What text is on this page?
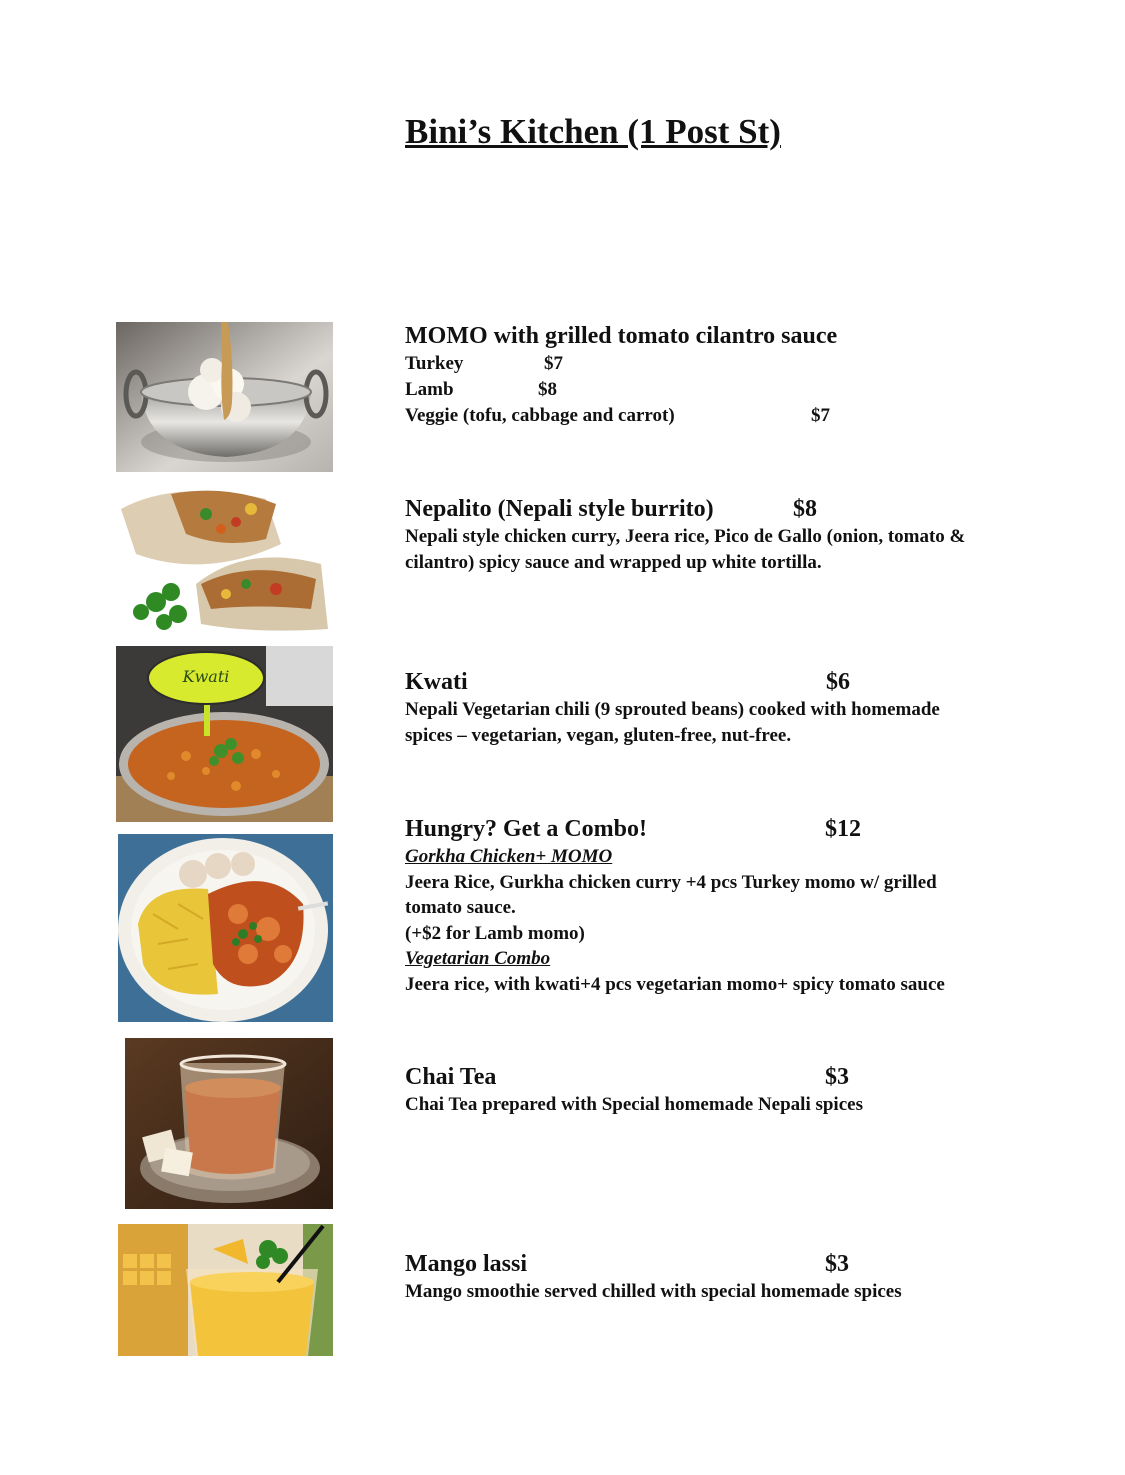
Bini’s Kitchen (1 Post St)
Kwati
MOMO with grilled tomato cilantro sauce
Turkey	$7
Lamb	$8
Veggie (tofu, cabbage and carrot)	$7
Nepalito (Nepali style burrito)	$8
Nepali style chicken curry, Jeera rice, Pico de Gallo (onion, tomato & cilantro) spicy sauce and wrapped up white tortilla.
Kwati	$6
Nepali Vegetarian chili (9 sprouted beans) cooked with homemade spices – vegetarian, vegan, gluten-free, nut-free.
Hungry? Get a Combo!	$12
Gorkha Chicken+ MOMO
Jeera Rice, Gurkha chicken curry +4 pcs Turkey momo w/ grilled tomato sauce.
(+$2 for Lamb momo)
Vegetarian Combo
Jeera rice, with kwati+4 pcs vegetarian momo+ spicy tomato sauce
Chai Tea	$3
Chai Tea prepared with Special homemade Nepali spices
Mango lassi	$3
Mango smoothie served chilled with special homemade spices
